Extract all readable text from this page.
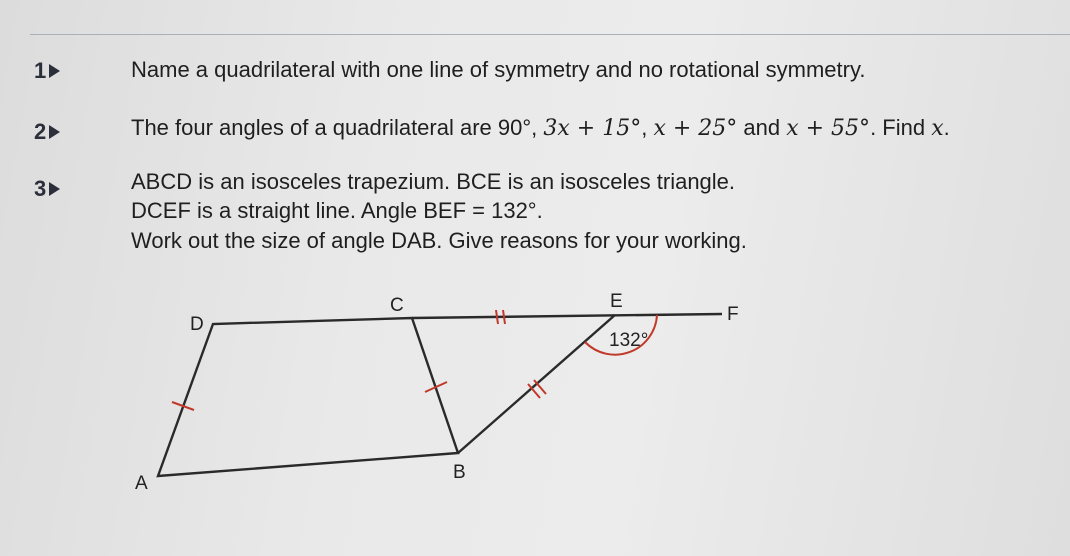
1	Name a quadrilateral with one line of symmetry and no rotational symmetry.
2	The four angles of a quadrilateral are 90°, 3x + 15°, x + 25° and x + 55°. Find x.
3	ABCD is an isosceles trapezium. BCE is an isosceles triangle.
DCEF is a straight line. Angle BEF = 132°.
Work out the size of angle DAB. Give reasons for your working.
A
B
C
D
E
F
132°
